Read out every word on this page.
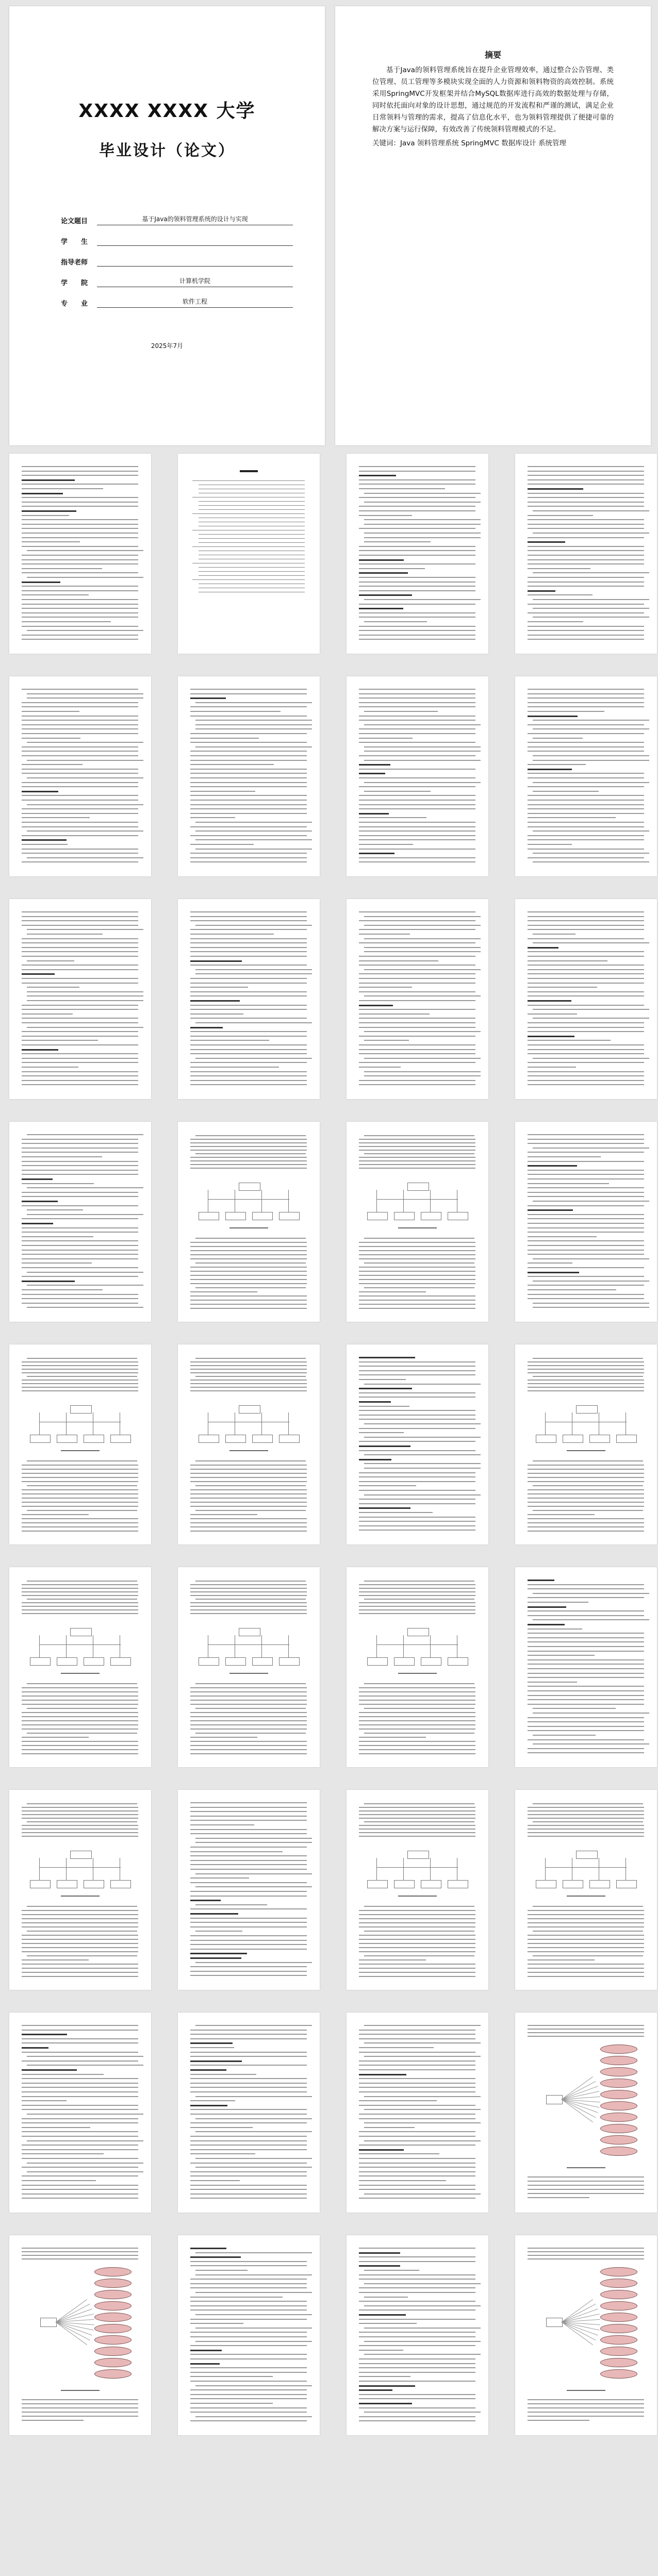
XXXX XXXX 大学
毕业设计（论文）
论文题目	基于Java的领料管理系统的设计与实现
学　　生
指导老师
学　　院	计算机学院
专　　业	软件工程
2025年7月
摘要
基于Java的领料管理系统旨在提升企业管理效率，通过整合公告管理、类位管理、员工管理等多模块实现全面的人力资源和领料物资的高效控制。系统采用SpringMVC开发框架并结合MySQL数据库进行高效的数据处理与存储，同时依托面向对象的设计思想，通过规范的开发流程和严谨的测试，满足企业日常领料与管理的需求，提高了信息化水平，也为领料管理提供了便捷可靠的解决方案与运行保障，有效改善了传统领料管理模式的不足。
关键词：Java 领料管理系统 SpringMVC 数据库设计 系统管理
